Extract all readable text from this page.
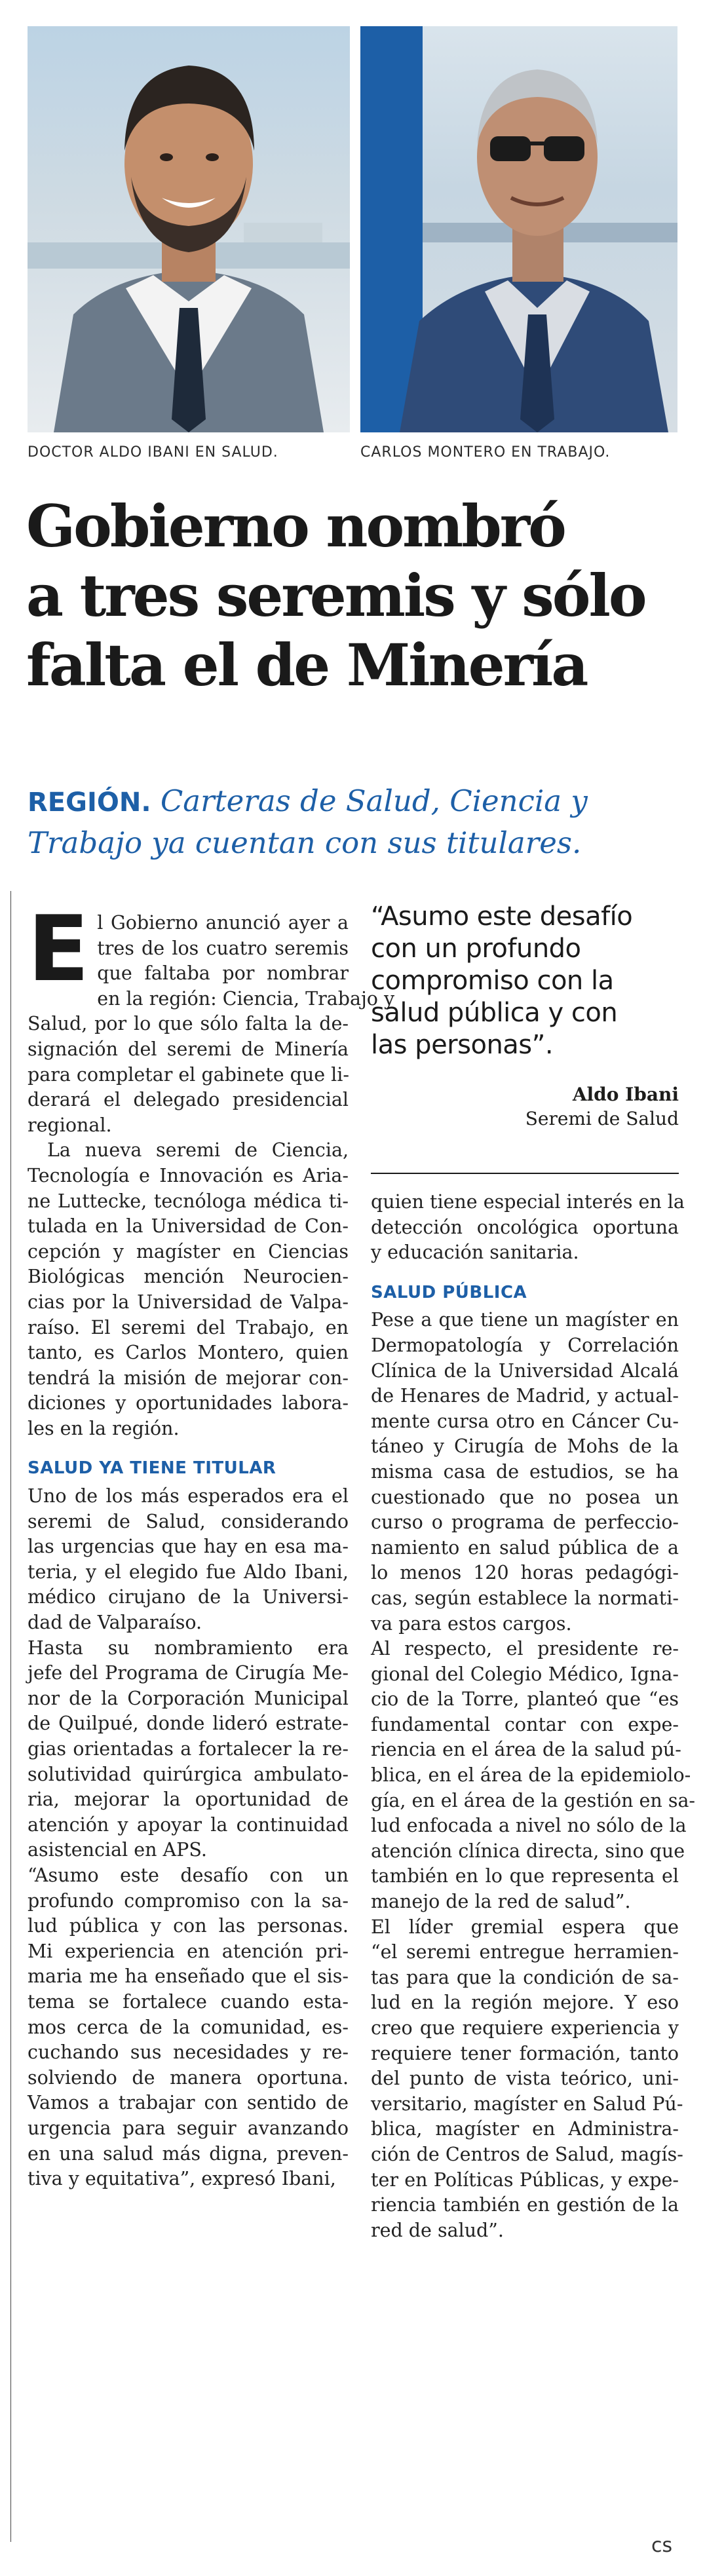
DOCTOR ALDO IBANI EN SALUD.	CARLOS MONTERO EN TRABAJO.
Gobierno nombró
a tres seremis y sólo
falta el de Minería
REGIÓN. Carteras de Salud, Ciencia y
Trabajo ya cuentan con sus titulares.
E l Gobierno anunció ayer a
tres de los cuatro seremis
que faltaba por nombrar
en la región: Ciencia, Trabajo y
Salud, por lo que sólo falta la de-
signación del seremi de Minería
para completar el gabinete que li-
derará el delegado presidencial
regional.
La nueva seremi de Ciencia,
Tecnología e Innovación es Aria-
ne Luttecke, tecnóloga médica ti-
tulada en la Universidad de Con-
cepción y magíster en Ciencias
Biológicas mención Neurocien-
cias por la Universidad de Valpa-
raíso. El seremi del Trabajo, en
tanto, es Carlos Montero, quien
tendrá la misión de mejorar con-
diciones y oportunidades labora-
les en la región.
SALUD YA TIENE TITULAR
Uno de los más esperados era el
seremi de Salud, considerando
las urgencias que hay en esa ma-
teria, y el elegido fue Aldo Ibani,
médico cirujano de la Universi-
dad de Valparaíso.
Hasta su nombramiento era
jefe del Programa de Cirugía Me-
nor de la Corporación Municipal
de Quilpué, donde lideró estrate-
gias orientadas a fortalecer la re-
solutividad quirúrgica ambulato-
ria, mejorar la oportunidad de
atención y apoyar la continuidad
asistencial en APS.
“Asumo este desafío con un
profundo compromiso con la sa-
lud pública y con las personas.
Mi experiencia en atención pri-
maria me ha enseñado que el sis-
tema se fortalece cuando esta-
mos cerca de la comunidad, es-
cuchando sus necesidades y re-
solviendo de manera oportuna.
Vamos a trabajar con sentido de
urgencia para seguir avanzando
en una salud más digna, preven-
tiva y equitativa”, expresó Ibani,
“Asumo este desafío
con un profundo
compromiso con la
salud pública y con
las personas”.
Aldo Ibani
Seremi de Salud
quien tiene especial interés en la
detección oncológica oportuna
y educación sanitaria.
SALUD PÚBLICA
Pese a que tiene un magíster en
Dermopatología y Correlación
Clínica de la Universidad Alcalá
de Henares de Madrid, y actual-
mente cursa otro en Cáncer Cu-
táneo y Cirugía de Mohs de la
misma casa de estudios, se ha
cuestionado que no posea un
curso o programa de perfeccio-
namiento en salud pública de a
lo menos 120 horas pedagógi-
cas, según establece la normati-
va para estos cargos.
Al respecto, el presidente re-
gional del Colegio Médico, Igna-
cio de la Torre, planteó que “es
fundamental contar con expe-
riencia en el área de la salud pú-
blica, en el área de la epidemiolo-
gía, en el área de la gestión en sa-
lud enfocada a nivel no sólo de la
atención clínica directa, sino que
también en lo que representa el
manejo de la red de salud”.
El líder gremial espera que
“el seremi entregue herramien-
tas para que la condición de sa-
lud en la región mejore. Y eso
creo que requiere experiencia y
requiere tener formación, tanto
del punto de vista teórico, uni-
versitario, magíster en Salud Pú-
blica, magíster en Administra-
ción de Centros de Salud, magís-
ter en Políticas Públicas, y expe-
riencia también en gestión de la
red de salud”.
cs
